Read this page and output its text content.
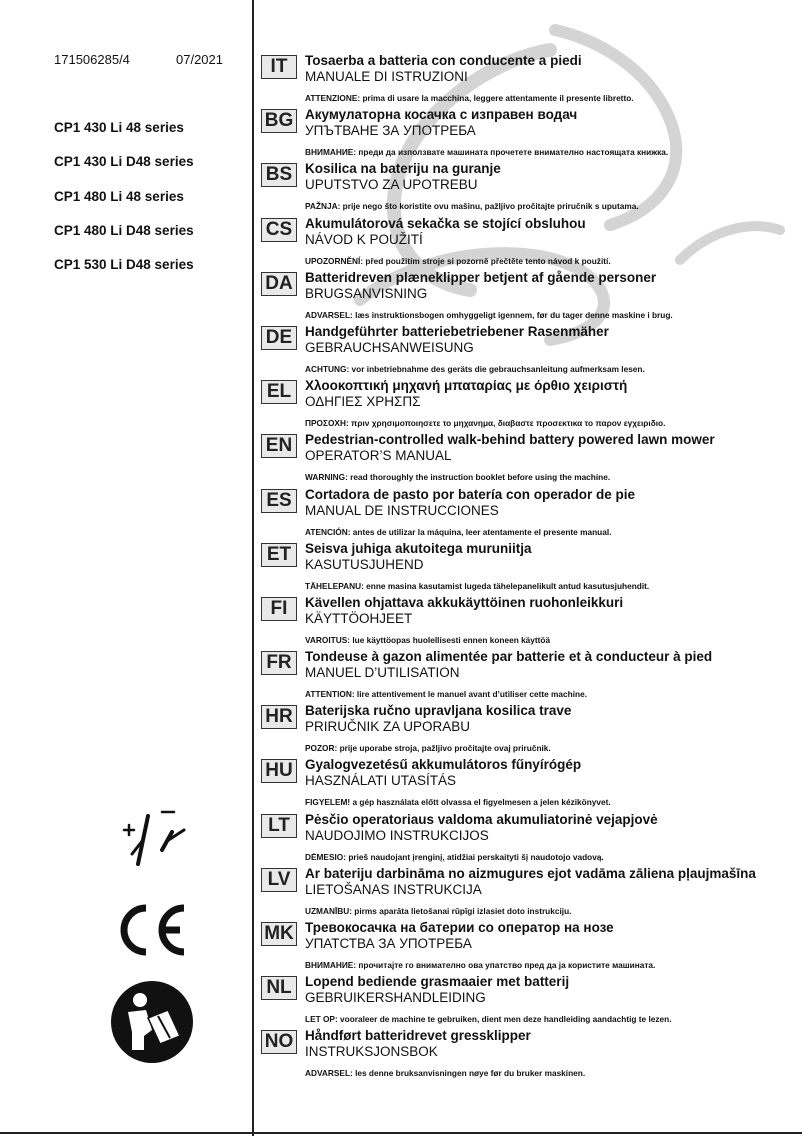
171506285/4	07/2021
CP1 430 Li 48 series
CP1 430 Li D48 series
CP1 480 Li 48 series
CP1 480 Li D48 series
CP1 530 Li D48 series
IT	Tosaerba a batteria con conducente a piedi
MANUALE DI ISTRUZIONI
ATTENZIONE: prima di usare la macchina, leggere attentamente il presente libretto.
BG Акумулаторна косачка с изправен водач
УПЪТВАНЕ ЗА УПОТРЕБА
ВНИМАНИЕ: преди да използвате машината прочетете внимателно настоящата книжка.
BS Kosilica na bateriju na guranje
UPUTSTVO ZA UPOTREBU
PAŽNJA: prije nego što koristite ovu mašinu, pažljivo pročitajte priručnik s uputama.
CS Akumulátorová sekačka se stojící obsluhou
NÁVOD K POUŽITÍ
UPOZORNĚNÍ: před použitím stroje si pozorně přečtěte tento návod k použití.
DA Batteridreven plæneklipper betjent af gående personer
BRUGSANVISNING
ADVARSEL: læs instruktionsbogen omhyggeligt igennem, før du tager denne maskine i brug.
DE Handgeführter batteriebetriebener Rasenmäher
GEBRAUCHSANWEISUNG
ACHTUNG: vor inbetriebnahme des geräts die gebrauchsanleitung aufmerksam lesen.
EL	Χλοοκοπτική μηχανή μπαταρίας με όρθιο χειριστή
ΟΔΗΓΙΕΣ ΧΡΗΣΠΣ
ΠΡΟΣΟΧΗ: πριν χρησιμοποιησετε το μηχανημα, διαβαστε προσεκτικα το παρον εγχειριδιο.
EN Pedestrian-controlled walk-behind battery powered lawn mower
OPERATOR’S MANUAL
WARNING: read thoroughly the instruction booklet before using the machine.
ES Cortadora de pasto por batería con operador de pie
MANUAL DE INSTRUCCIONES
ATENCIÓN: antes de utilizar la máquina, leer atentamente el presente manual.
ET	Seisva juhiga akutoitega muruniitja
KASUTUSJUHEND
TÄHELEPANU: enne masina kasutamist lugeda tähelepanelikult antud kasutusjuhendit.
FI	Kävellen ohjattava akkukäyttöinen ruohonleikkuri
KÄYTTÖOHJEET
VAROITUS: lue käyttöopas huolellisesti ennen koneen käyttöä
FR Tondeuse à gazon alimentée par batterie et à conducteur à pied
MANUEL D’UTILISATION
ATTENTION: lire attentivement le manuel avant d’utiliser cette machine.
HR Baterijska ručno upravljana kosilica trave
PRIRUČNIK ZA UPORABU
POZOR: prije uporabe stroja, pažljivo pročitajte ovaj priručnik.
HU Gyalogvezetésű akkumulátoros fűnyírógép
HASZNÁLATI UTASÍTÁS
FIGYELEM! a gép használata előtt olvassa el figyelmesen a jelen kézikönyvet.
LT	Pėsčio operatoriaus valdoma akumuliatorinė vejapjovė
NAUDOJIMO INSTRUKCIJOS
DĖMESIO: prieš naudojant įrenginį, atidžiai perskaityti šį naudotojo vadovą.
LV	Ar bateriju darbināma no aizmugures ejot vadāma zāliena pļaujmašīna
LIETOŠANAS INSTRUKCIJA
UZMANĪBU: pirms aparāta lietošanai rūpīgi izlasiet doto instrukciju.
MK Тревокосачка на батерии со оператор на нозе
УПАТСТВА ЗА УПОТРЕБА
ВНИМАНИЕ: прочитајте го внимателно ова упатство пред да ја користите машината.
NL Lopend bediende grasmaaier met batterij
GEBRUIKERSHANDLEIDING
LET OP: vooraleer de machine te gebruiken, dient men deze handleiding aandachtig te lezen.
NO Håndført batteridrevet gressklipper
INSTRUKSJONSBOK
ADVARSEL: les denne bruksanvisningen nøye før du bruker maskinen.
